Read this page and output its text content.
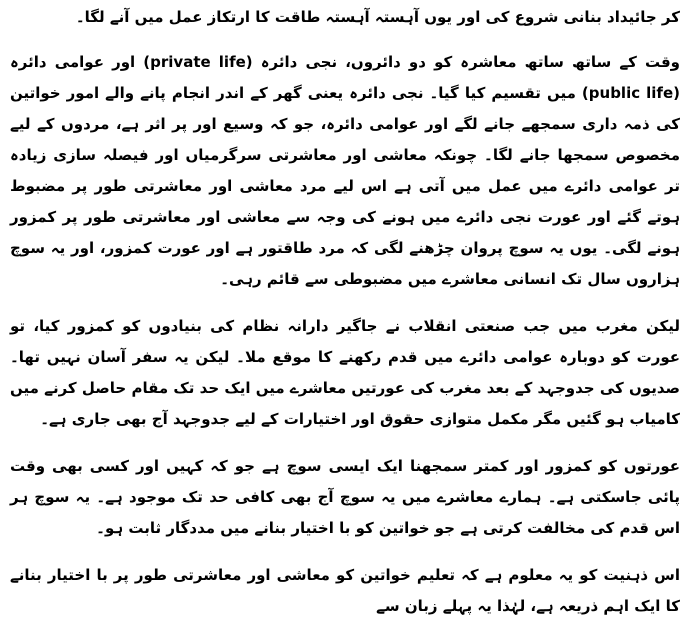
کر جائیداد بنانی شروع کی اور یوں آہستہ آہستہ طاقت کا ارتکاز عمل میں آنے لگا۔

وقت کے ساتھ ساتھ معاشرہ کو دو دائروں، نجی دائرہ (private life) اور عوامی دائرہ (public life) میں تقسیم کیا گیا۔ نجی دائرہ یعنی گھر کے اندر انجام پانے والے امور خواتین کی ذمہ داری سمجھے جانے لگے اور عوامی دائرہ، جو کہ وسیع اور پر اثر ہے، مردوں کے لیے مخصوص سمجھا جانے لگا۔ چونکہ معاشی اور معاشرتی سرگرمیاں اور فیصلہ سازی زیادہ تر عوامی دائرے میں عمل میں آتی ہے اس لیے مرد معاشی اور معاشرتی طور پر مضبوط ہوتے گئے اور عورت نجی دائرے میں ہونے کی وجہ سے معاشی اور معاشرتی طور پر کمزور ہونے لگی۔ یوں یہ سوچ پروان چڑھنے لگی کہ مرد طاقتور ہے اور عورت کمزور، اور یہ سوچ ہزاروں سال تک انسانی معاشرے میں مضبوطی سے قائم رہی۔

لیکن مغرب میں جب صنعتی انقلاب نے جاگیر دارانہ نظام کی بنیادوں کو کمزور کیا، تو عورت کو دوبارہ عوامی دائرے میں قدم رکھنے کا موقع ملا۔ لیکن یہ سفر آسان نہیں تھا۔ صدیوں کی جدوجہد کے بعد مغرب کی عورتیں معاشرے میں ایک حد تک مقام حاصل کرنے میں کامیاب ہو گئیں مگر مکمل متوازی حقوق اور اختیارات کے لیے جدوجہد آج بھی جاری ہے۔

عورتوں کو کمزور اور کمتر سمجھنا ایک ایسی سوچ ہے جو کہ کہیں اور کسی بھی وقت پائی جاسکتی ہے۔ ہمارے معاشرے میں یہ سوچ آج بھی کافی حد تک موجود ہے۔ یہ سوچ ہر اس قدم کی مخالفت کرتی ہے جو خواتین کو با اختیار بنانے میں مددگار ثابت ہو۔

اس ذہنیت کو یہ معلوم ہے کہ تعلیم خواتین کو معاشی اور معاشرتی طور پر با اختیار بنانے کا ایک اہم ذریعہ ہے، لہٰذا یہ پہلے زبان سے
